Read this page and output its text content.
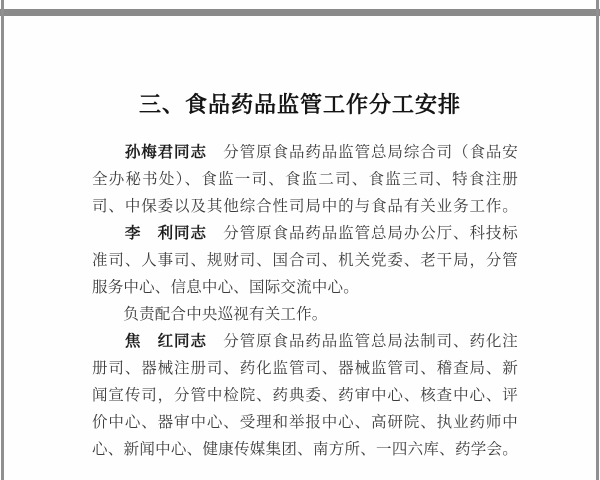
三、食品药品监管工作分工安排
　　孙梅君同志　分管原食品药品监管总局综合司（食品安
全办秘书处）、食监一司、食监二司、食监三司、特食注册
司、中保委以及其他综合性司局中的与食品有关业务工作。
　　李　利同志　分管原食品药品监管总局办公厅、科技标
准司、人事司、规财司、国合司、机关党委、老干局，分管
服务中心、信息中心、国际交流中心。
　　负责配合中央巡视有关工作。
　　焦　红同志　分管原食品药品监管总局法制司、药化注
册司、器械注册司、药化监管司、器械监管司、稽查局、新
闻宣传司，分管中检院、药典委、药审中心、核查中心、评
价中心、器审中心、受理和举报中心、高研院、执业药师中
心、新闻中心、健康传媒集团、南方所、一四六库、药学会。
